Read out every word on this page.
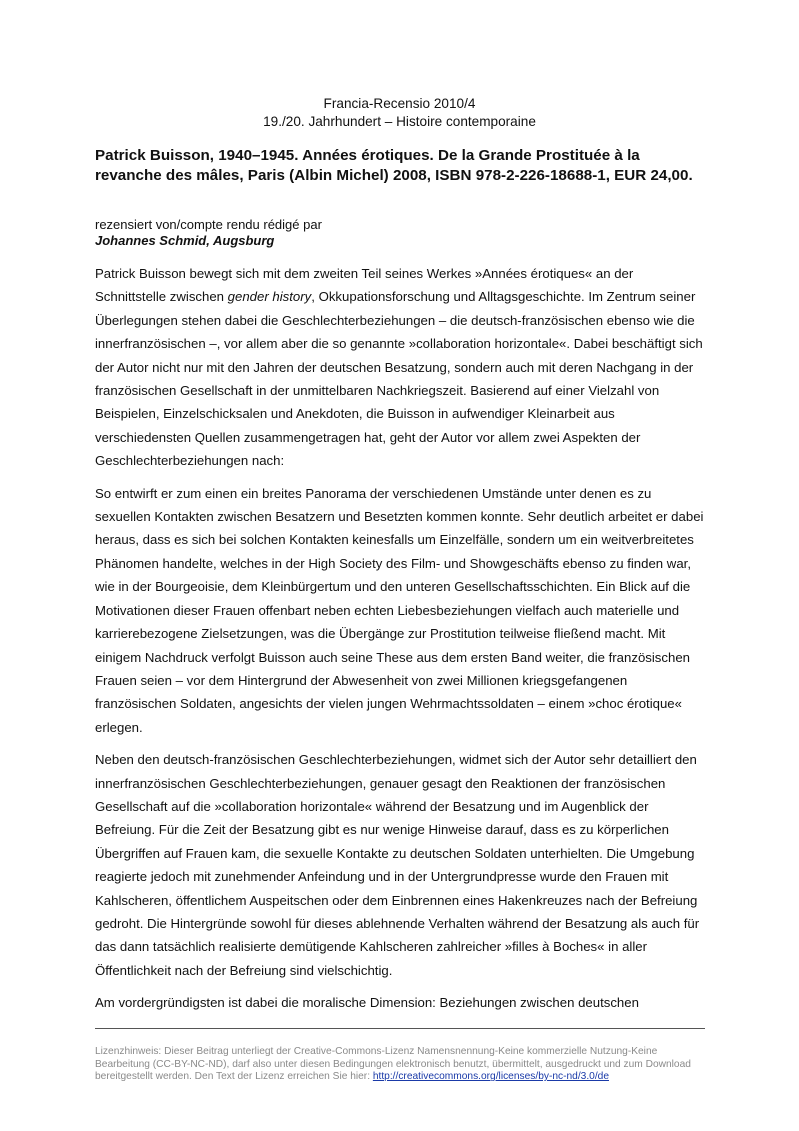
Francia-Recensio 2010/4
19./20. Jahrhundert – Histoire contemporaine
Patrick Buisson, 1940–1945. Années érotiques. De la Grande Prostituée à la revanche des mâles, Paris (Albin Michel) 2008, ISBN 978-2-226-18688-1, EUR 24,00.
rezensiert von/compte rendu rédigé par
Johannes Schmid, Augsburg

Patrick Buisson bewegt sich mit dem zweiten Teil seines Werkes »Années érotiques« an der Schnittstelle zwischen gender history, Okkupationsforschung und Alltagsgeschichte. Im Zentrum seiner Überlegungen stehen dabei die Geschlechterbeziehungen – die deutsch-französischen ebenso wie die innerfranzösischen –, vor allem aber die so genannte »collaboration horizontale«. Dabei beschäftigt sich der Autor nicht nur mit den Jahren der deutschen Besatzung, sondern auch mit deren Nachgang in der französischen Gesellschaft in der unmittelbaren Nachkriegszeit. Basierend auf einer Vielzahl von Beispielen, Einzelschicksalen und Anekdoten, die Buisson in aufwendiger Kleinarbeit aus verschiedensten Quellen zusammengetragen hat, geht der Autor vor allem zwei Aspekten der Geschlechterbeziehungen nach:

So entwirft er zum einen ein breites Panorama der verschiedenen Umstände unter denen es zu sexuellen Kontakten zwischen Besatzern und Besetzten kommen konnte. Sehr deutlich arbeitet er dabei heraus, dass es sich bei solchen Kontakten keinesfalls um Einzelfälle, sondern um ein weitverbreitetes Phänomen handelte, welches in der High Society des Film- und Showgeschäfts ebenso zu finden war, wie in der Bourgeoisie, dem Kleinbürgertum und den unteren Gesellschaftsschichten. Ein Blick auf die Motivationen dieser Frauen offenbart neben echten Liebesbeziehungen vielfach auch materielle und karrierebezogene Zielsetzungen, was die Übergänge zur Prostitution teilweise fließend macht. Mit einigem Nachdruck verfolgt Buisson auch seine These aus dem ersten Band weiter, die französischen Frauen seien – vor dem Hintergrund der Abwesenheit von zwei Millionen kriegsgefangenen französischen Soldaten, angesichts der vielen jungen Wehrmachtssoldaten – einem »choc érotique« erlegen.

Neben den deutsch-französischen Geschlechterbeziehungen, widmet sich der Autor sehr detailliert den innerfranzösischen Geschlechterbeziehungen, genauer gesagt den Reaktionen der französischen Gesellschaft auf die »collaboration horizontale« während der Besatzung und im Augenblick der Befreiung. Für die Zeit der Besatzung gibt es nur wenige Hinweise darauf, dass es zu körperlichen Übergriffen auf Frauen kam, die sexuelle Kontakte zu deutschen Soldaten unterhielten. Die Umgebung reagierte jedoch mit zunehmender Anfeindung und in der Untergrundpresse wurde den Frauen mit Kahlscheren, öffentlichem Auspeitschen oder dem Einbrennen eines Hakenkreuzes nach der Befreiung gedroht. Die Hintergründe sowohl für dieses ablehnende Verhalten während der Besatzung als auch für das dann tatsächlich realisierte demütigende Kahlscheren zahlreicher »filles à Boches« in aller Öffentlichkeit nach der Befreiung sind vielschichtig.

Am vordergründigsten ist dabei die moralische Dimension: Beziehungen zwischen deutschen

Lizenzhinweis: Dieser Beitrag unterliegt der Creative-Commons-Lizenz Namensnennung-Keine kommerzielle Nutzung-Keine Bearbeitung (CC-BY-NC-ND), darf also unter diesen Bedingungen elektronisch benutzt, übermittelt, ausgedruckt und zum Download bereitgestellt werden. Den Text der Lizenz erreichen Sie hier: http://creativecommons.org/licenses/by-nc-nd/3.0/de
